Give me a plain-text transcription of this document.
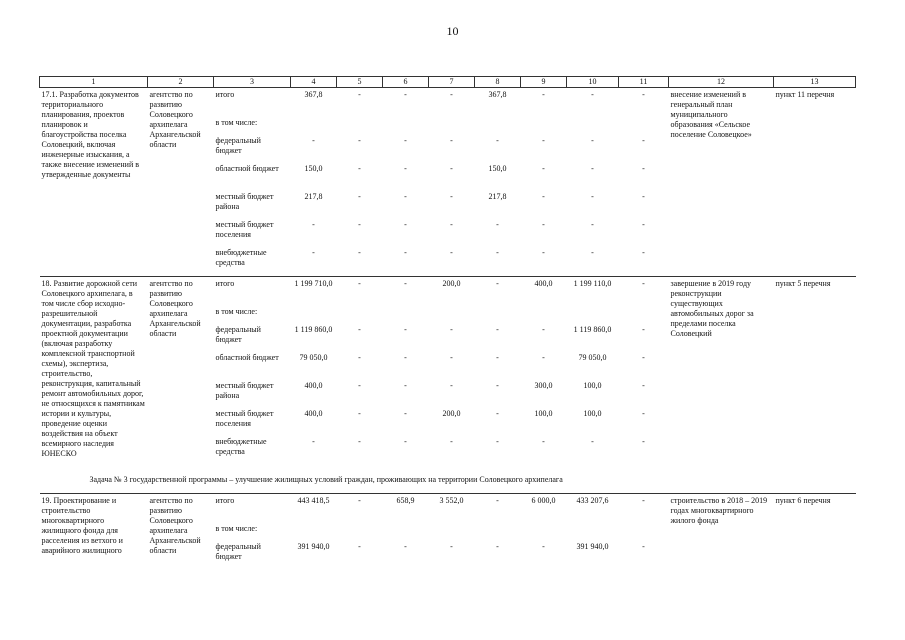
10
1	2	3	4	5	6	7	8	9	10	11	12	13

17.1. Разработка документов территориального планирования, проектов планировок и благоустройства поселка Соловецкий, включая инженерные изыскания, а также внесение изменений в утвержденные документы	агентство по развитию Соловецкого архипелага Архангельской области	итого	367,8	-	-	-	367,8	-	-	-	внесение изменений в генеральный план муниципального образования «Сельское поселение Соловецкое»	пункт 11 перечня

		в том числе:										
		федеральный бюджет	-	-	-	-	-	-	-	-		
		областной бюджет	150,0	-	-	-	150,0	-	-	-		
		местный бюджет района	217,8	-	-	-	217,8	-	-	-		
		местный бюджет поселения	-	-	-	-	-	-	-	-		
		внебюджетные средства	-	-	-	-	-	-	-	-		

18. Развитие дорожной сети Соловецкого архипелага, в том числе сбор исходно-разрешительной документации, разработка проектной документации (включая разработку комплексной транспортной схемы), экспертиза, строительство, реконструкция, капитальный ремонт автомобильных дорог, не относящихся к памятникам истории и культуры, проведение оценки воздействия на объект всемирного наследия ЮНЕСКО	агентство по развитию Соловецкого архипелага Архангельской области	итого	1 199 710,0	-	-	200,0	-	400,0	1 199 110,0	-	завершение в 2019 году реконструкции существующих автомобильных дорог за пределами поселка Соловецкий	пункт 5 перечня

		в том числе:										
		федеральный бюджет	1 119 860,0	-	-	-	-	-	1 119 860,0	-		
		областной бюджет	79 050,0	-	-	-	-	-	79 050,0	-		
		местный бюджет района	400,0	-	-	-	-	300,0	100,0	-		
		местный бюджет поселения	400,0	-	-	200,0	-	100,0	100,0	-		
		внебюджетные средства	-	-	-	-	-	-	-	-		
Задача № 3 государственной программы – улучшение жилищных условий граждан, проживающих на территории Соловецкого архипелага												

19. Проектирование и строительство многоквартирного жилищного фонда для расселения из ветхого и аварийного жилищного	агентство по развитию Соловецкого архипелага Архангельской области	итого	443 418,5	-	658,9	3 552,0	-	6 000,0	433 207,6	-	строительство в 2018 – 2019 годах многоквартирного жилого фонда	пункт 6 перечня

		в том числе:										
		федеральный бюджет	391 940,0	-	-	-	-	-	391 940,0	-		
